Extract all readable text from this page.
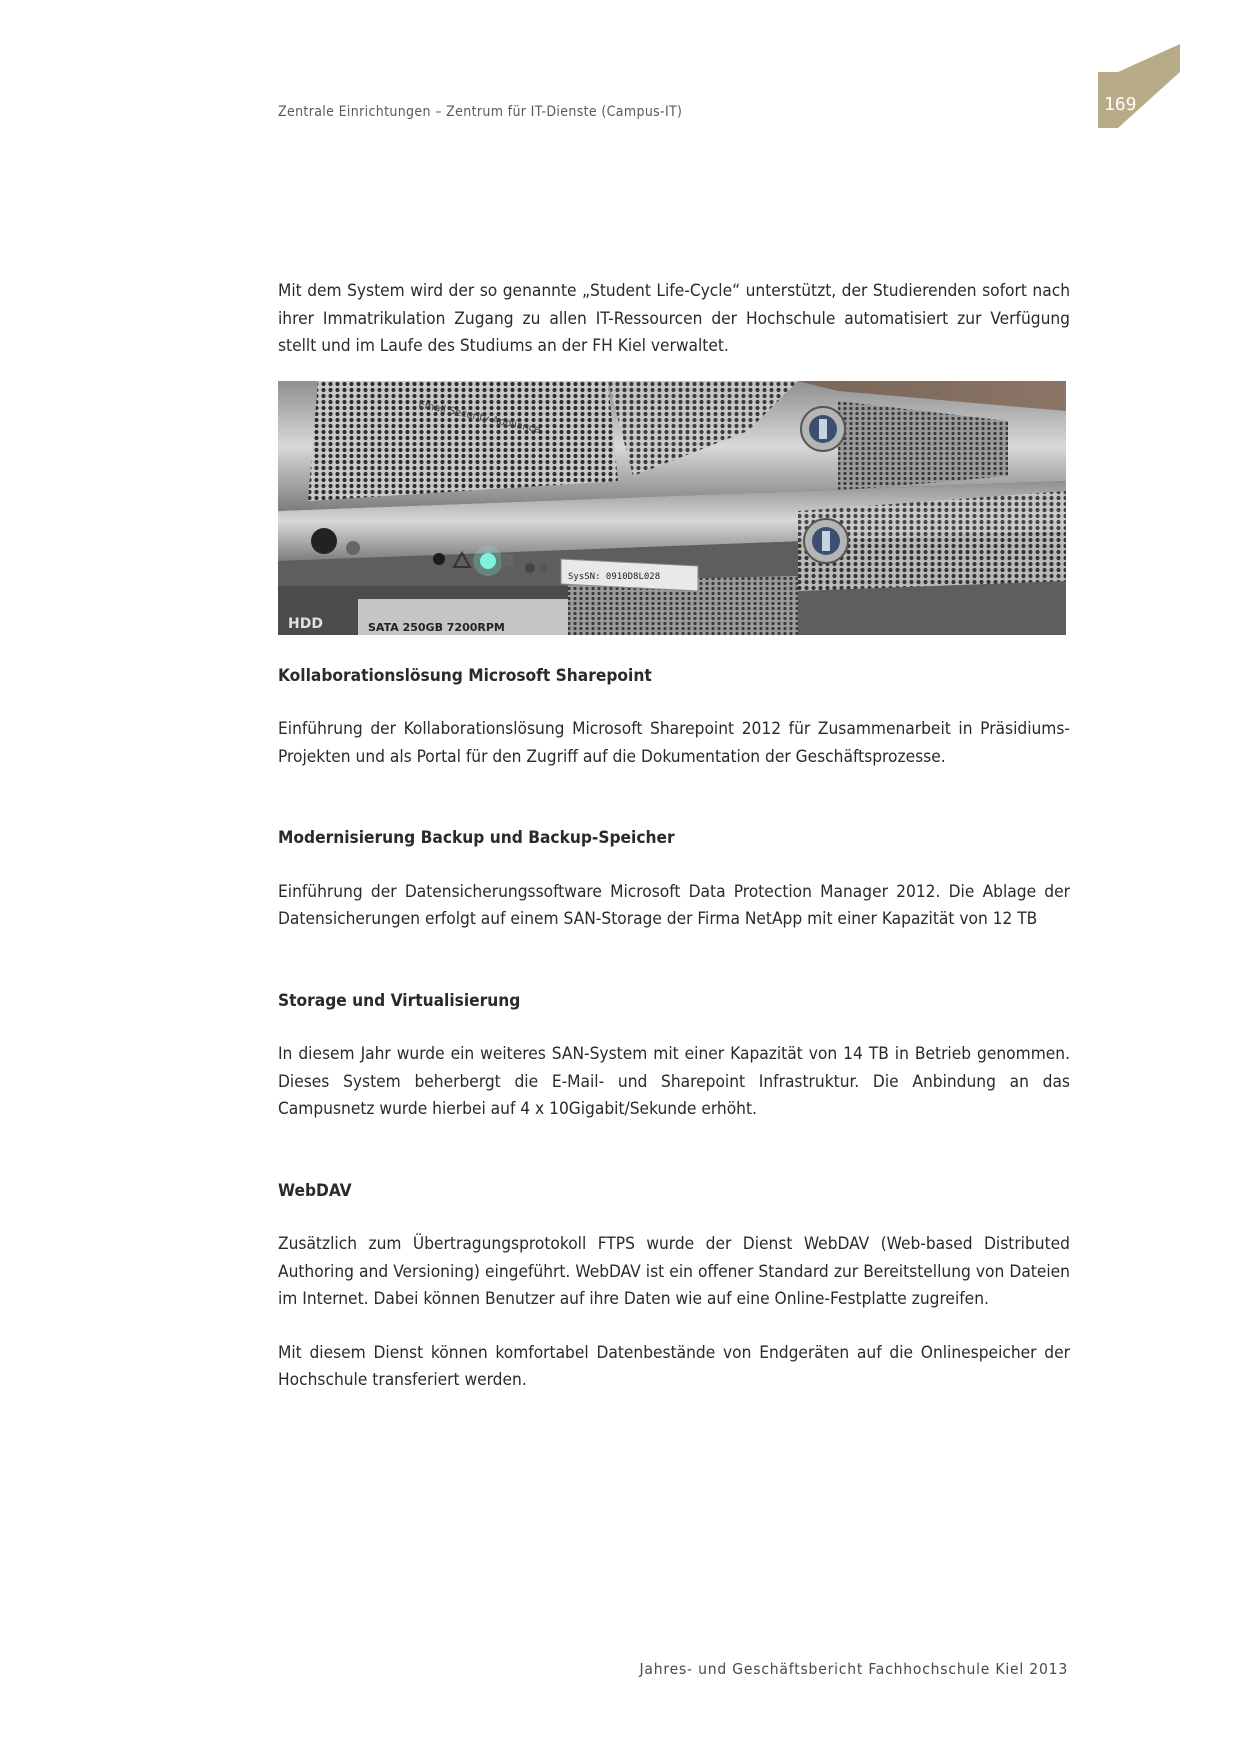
Zentrale Einrichtungen – Zentrum für IT-Dienste (Campus-IT)	169

Mit dem System wird der so genannte „Student Life-Cycle“ unterstützt, der Studierenden sofort nach ihrer Immatrikulation Zugang zu allen IT-Ressourcen der Hochschule automatisiert zur Verfügung stellt und im Laufe des Studiums an der FH Kiel verwaltet.

SysSN: 0910D8L028
HDD	SATA 250GB 7200RPM
Email Security Appliance
Kollaborationslösung Microsoft Sharepoint

Einführung der Kollaborationslösung Microsoft Sharepoint 2012 für Zusammenarbeit in Präsidiums-Projekten und als Portal für den Zugriff auf die Dokumentation der Geschäftsprozesse.

Modernisierung Backup und Backup-Speicher

Einführung der Datensicherungssoftware Microsoft Data Protection Manager 2012. Die Ablage der Datensicherungen erfolgt auf einem SAN-Storage der Firma NetApp mit einer Kapazität von 12 TB

Storage und Virtualisierung

In diesem Jahr wurde ein weiteres SAN-System mit einer Kapazität von 14 TB in Betrieb genommen. Dieses System beherbergt die E-Mail- und Sharepoint Infrastruktur. Die Anbindung an das Campusnetz wurde hierbei auf 4 x 10Gigabit/Sekunde erhöht.

WebDAV

Zusätzlich zum Übertragungsprotokoll FTPS wurde der Dienst WebDAV (Web-based Distributed Authoring and Versioning) eingeführt. WebDAV ist ein offener Standard zur Bereitstellung von Dateien im Internet. Dabei können Benutzer auf ihre Daten wie auf eine Online-Festplatte zugreifen.

Mit diesem Dienst können komfortabel Datenbestände von Endgeräten auf die Onlinespeicher der Hochschule transferiert werden.

Jahres- und Geschäftsbericht Fachhochschule Kiel 2013
